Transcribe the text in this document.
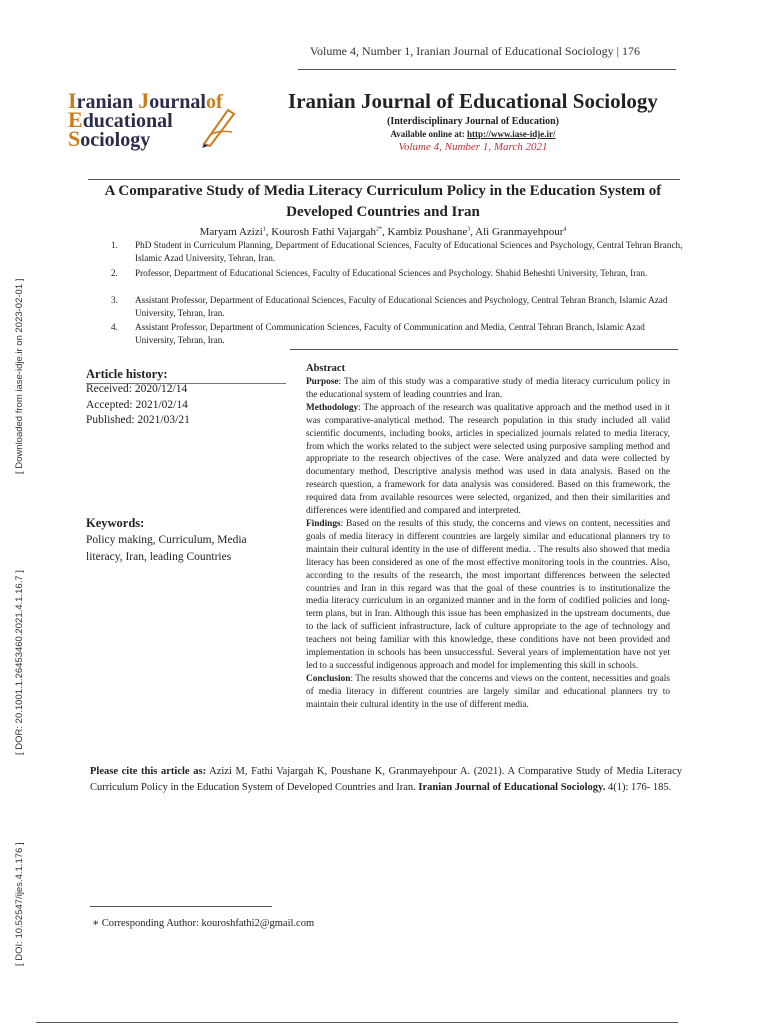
[ Downloaded from iase-idje.ir on 2023-02-01 ]
[ DOR: 20.1001.1.26453460.2021.4.1.16.7 ]
[ DOI: 10.52547/ijes.4.1.176 ]
Volume 4, Number 1, Iranian Journal of Educational Sociology | 176
Iranian Journalof
Educational
Sociology
Iranian Journal of Educational Sociology
(Interdisciplinary Journal of Education)
Available online at: http://www.iase-idje.ir/
Volume 4, Number 1, March 2021
A Comparative Study of Media Literacy Curriculum Policy in the Education System of Developed Countries and Iran
Maryam Azizi$^1$, Kourosh Fathi Vajargah$^{2*}$, Kambiz Poushane$^3$, Ali Granmayehpour$^4$
1. PhD Student in Curriculum Planning, Department of Educational Sciences, Faculty of Educational Sciences and Psychology, Central Tehran Branch, Islamic Azad University, Tehran, Iran.
2. Professor, Department of Educational Sciences, Faculty of Educational Sciences and Psychology. Shahid Beheshti University, Tehran, Iran.
3. Assistant Professor, Department of Educational Sciences, Faculty of Educational Sciences and Psychology, Central Tehran Branch, Islamic Azad University, Tehran, Iran.
4. Assistant Professor, Department of Communication Sciences, Faculty of Communication and Media, Central Tehran Branch, Islamic Azad University, Tehran, Iran.
Article history:
Received: 2020/12/14
Accepted: 2021/02/14
Published: 2021/03/21
Keywords:
Policy making, Curriculum, Media literacy, Iran, leading Countries
Abstract
Purpose: The aim of this study was a comparative study of media literacy curriculum policy in the educational system of leading countries and Iran.
Methodology: The approach of the research was qualitative approach and the method used in it was comparative-analytical method. The research population in this study included all valid scientific documents, including books, articles in specialized journals related to media literacy, from which the works related to the subject were selected using purposive sampling method and appropriate to the research objectives of the case. Were analyzed and data were collected by documentary method, Descriptive analysis method was used in data analysis. Based on the research question, a framework for data analysis was considered. Based on this framework, the required data from available resources were selected, organized, and then their similarities and differences were identified and compared and interpreted.
Findings: Based on the results of this study, the concerns and views on content, necessities and goals of media literacy in different countries are largely similar and educational planners try to maintain their cultural identity in the use of different media. . The results also showed that media literacy has been considered as one of the most effective monitoring tools in the countries. Also, according to the results of the research, the most important differences between the selected countries and Iran in this regard was that the goal of these countries is to institutionalize the media literacy curriculum in an organized manner and in the form of codified policies and long-term plans, but in Iran. Although this issue has been emphasized in the upstream documents, due to the lack of sufficient infrastructure, lack of culture appropriate to the age of technology and teachers not being familiar with this knowledge, these conditions have not been provided and implementation in schools has been unsuccessful. Several years of implementation have not yet led to a successful indigenous approach and model for implementing this skill in schools.
Conclusion: The results showed that the concerns and views on the content, necessities and goals of media literacy in different countries are largely similar and educational planners try to maintain their cultural identity in the use of different media.
Please cite this article as: Azizi M, Fathi Vajargah K, Poushane K, Granmayehpour A. (2021). A Comparative Study of Media Literacy Curriculum Policy in the Education System of Developed Countries and Iran. Iranian Journal of Educational Sociology. 4(1): 176- 185.
∗ Corresponding Author: kouroshfathi2@gmail.com
